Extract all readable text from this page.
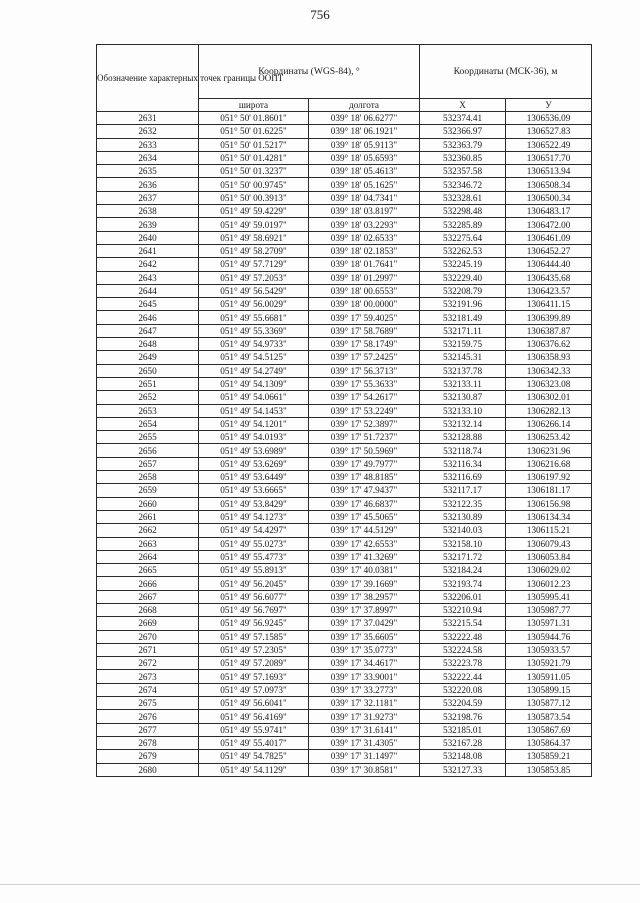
756
Обозначение характерных точек границы ООПТ	Координаты (WGS-84), °		Координаты (МСК-36), м	
	широта	долгота	X	У
2631	051° 50' 01.8601"	039° 18' 06.6277"	532374.41	1306536.09
2632	051° 50' 01.6225"	039° 18' 06.1921"	532366.97	1306527.83
2633	051° 50' 01.5217"	039° 18' 05.9113"	532363.79	1306522.49
2634	051° 50' 01.4281"	039° 18' 05.6593"	532360.85	1306517.70
2635	051° 50' 01.3237"	039° 18' 05.4613"	532357.58	1306513.94
2636	051° 50' 00.9745"	039° 18' 05.1625"	532346.72	1306508.34
2637	051° 50' 00.3913"	039° 18' 04.7341"	532328.61	1306500.34
2638	051° 49' 59.4229"	039° 18' 03.8197"	532298.48	1306483.17
2639	051° 49' 59.0197"	039° 18' 03.2293"	532285.89	1306472.00
2640	051° 49' 58.6921"	039° 18' 02.6533"	532275.64	1306461.09
2641	051° 49' 58.2709"	039° 18' 02.1853"	532262.53	1306452.27
2642	051° 49' 57.7129"	039° 18' 01.7641"	532245.19	1306444.40
2643	051° 49' 57.2053"	039° 18' 01.2997"	532229.40	1306435.68
2644	051° 49' 56.5429"	039° 18' 00.6553"	532208.79	1306423.57
2645	051° 49' 56.0029"	039° 18' 00.0000"	532191.96	1306411.15
2646	051° 49' 55.6681"	039° 17' 59.4025"	532181.49	1306399.89
2647	051° 49' 55.3369"	039° 17' 58.7689"	532171.11	1306387.87
2648	051° 49' 54.9733"	039° 17' 58.1749"	532159.75	1306376.62
2649	051° 49' 54.5125"	039° 17' 57.2425"	532145.31	1306358.93
2650	051° 49' 54.2749"	039° 17' 56.3713"	532137.78	1306342.33
2651	051° 49' 54.1309"	039° 17' 55.3633"	532133.11	1306323.08
2652	051° 49' 54.0661"	039° 17' 54.2617"	532130.87	1306302.01
2653	051° 49' 54.1453"	039° 17' 53.2249"	532133.10	1306282.13
2654	051° 49' 54.1201"	039° 17' 52.3897"	532132.14	1306266.14
2655	051° 49' 54.0193"	039° 17' 51.7237"	532128.88	1306253.42
2656	051° 49' 53.6989"	039° 17' 50.5969"	532118.74	1306231.96
2657	051° 49' 53.6269"	039° 17' 49.7977"	532116.34	1306216.68
2658	051° 49' 53.6449"	039° 17' 48.8185"	532116.69	1306197.92
2659	051° 49' 53.6665"	039° 17' 47.9437"	532117.17	1306181.17
2660	051° 49' 53.8429"	039° 17' 46.6837"	532122.35	1306156.98
2661	051° 49' 54.1273"	039° 17' 45.5065"	532130.89	1306134.34
2662	051° 49' 54.4297"	039° 17' 44.5129"	532140.03	1306115.21
2663	051° 49' 55.0273"	039° 17' 42.6553"	532158.10	1306079.43
2664	051° 49' 55.4773"	039° 17' 41.3269"	532171.72	1306053.84
2665	051° 49' 55.8913"	039° 17' 40.0381"	532184.24	1306029.02
2666	051° 49' 56.2045"	039° 17' 39.1669"	532193.74	1306012.23
2667	051° 49' 56.6077"	039° 17' 38.2957"	532206.01	1305995.41
2668	051° 49' 56.7697"	039° 17' 37.8997"	532210.94	1305987.77
2669	051° 49' 56.9245"	039° 17' 37.0429"	532215.54	1305971.31
2670	051° 49' 57.1585"	039° 17' 35.6605"	532222.48	1305944.76
2671	051° 49' 57.2305"	039° 17' 35.0773"	532224.58	1305933.57
2672	051° 49' 57.2089"	039° 17' 34.4617"	532223.78	1305921.79
2673	051° 49' 57.1693"	039° 17' 33.9001"	532222.44	1305911.05
2674	051° 49' 57.0973"	039° 17' 33.2773"	532220.08	1305899.15
2675	051° 49' 56.6041"	039° 17' 32.1181"	532204.59	1305877.12
2676	051° 49' 56.4169"	039° 17' 31.9273"	532198.76	1305873.54
2677	051° 49' 55.9741"	039° 17' 31.6141"	532185.01	1305867.69
2678	051° 49' 55.4017"	039° 17' 31.4305"	532167.28	1305864.37
2679	051° 49' 54.7825"	039° 17' 31.1497"	532148.08	1305859.21
2680	051° 49' 54.1129"	039° 17' 30.8581"	532127.33	1305853.85
